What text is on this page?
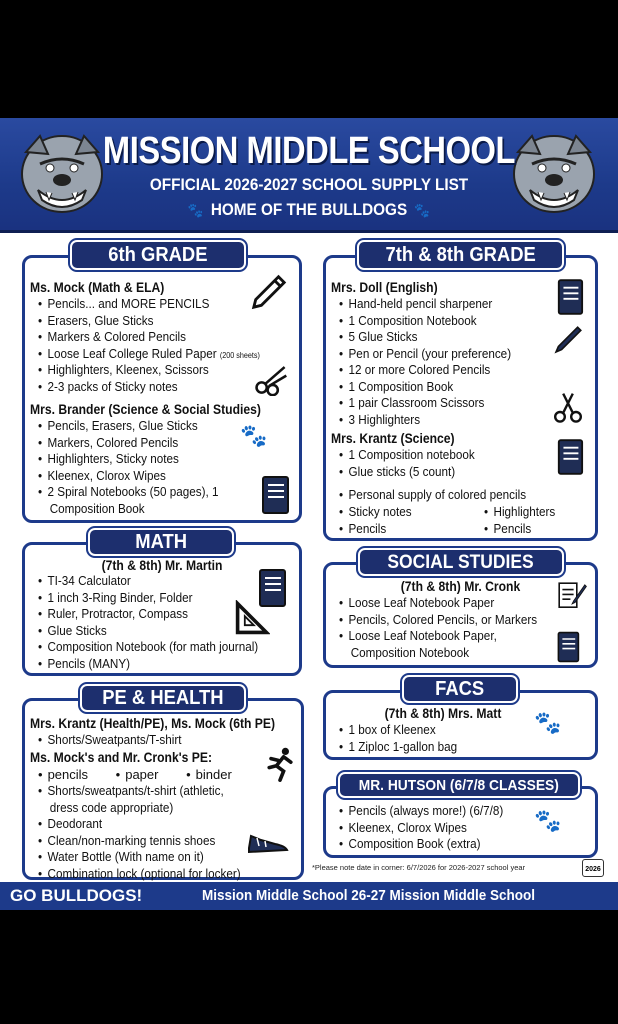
MISSION MIDDLE SCHOOL
OFFICIAL 2026-2027 SCHOOL SUPPLY LIST
🐾 HOME OF THE BULLDOGS 🐾
6th GRADE
Ms. Mock (Math & ELA)
• Pencils... and MORE PENCILS
• Erasers, Glue Sticks
• Markers & Colored Pencils
• Loose Leaf College Ruled Paper (200 sheets)
• Highlighters, Kleenex, Scissors
• 2-3 packs of Sticky notes
Mrs. Brander (Science & Social Studies)
• Pencils, Erasers, Glue Sticks
• Markers, Colored Pencils
• Highlighters, Sticky notes
• Kleenex, Clorox Wipes
• 2 Spiral Notebooks (50 pages), 1
Composition Book
🐾
7th & 8th GRADE
Mrs. Doll (English)
• Hand-held pencil sharpener
• 1 Composition Notebook
• 5 Glue Sticks
• Pen or Pencil (your preference)
• 12 or more Colored Pencils
• 1 Composition Book
• 1 pair Classroom Scissors
• 3 Highlighters
Mrs. Krantz (Science)
• 1 Composition notebook
• Glue sticks (5 count)
• Personal supply of colored pencils
• Sticky notes
• Pencils
• Highlighters
• Pencils
MATH
(7th & 8th) Mr. Martin
• TI-34 Calculator
• 1 inch 3-Ring Binder, Folder
• Ruler, Protractor, Compass
• Glue Sticks
• Composition Notebook (for math journal)
• Pencils (MANY)
SOCIAL STUDIES
(7th & 8th) Mr. Cronk
• Loose Leaf Notebook Paper
• Pencils, Colored Pencils, or Markers
• Loose Leaf Notebook Paper,
Composition Notebook
PE & HEALTH
Mrs. Krantz (Health/PE), Ms. Mock (6th PE)
• Shorts/Sweatpants/T-shirt
Ms. Mock's and Mr. Cronk's PE:
• pencils	• paper	• binder
• Shorts/sweatpants/t-shirt (athletic,
dress code appropriate)
• Deodorant
• Clean/non-marking tennis shoes
• Water Bottle (With name on it)
• Combination lock (optional for locker)
FACS
(7th & 8th) Mrs. Matt
• 1 box of Kleenex
• 1 Ziploc 1-gallon bag
🐾
MR. HUTSON (6/7/8 CLASSES)
• Pencils (always more!) (6/7/8)
• Kleenex, Clorox Wipes
• Composition Book (extra)
🐾
*Please note date in corner: 6/7/2026 for 2026-2027 school year	2026
GO BULLDOGS!	Mission Middle School 26-27 Mission Middle School
